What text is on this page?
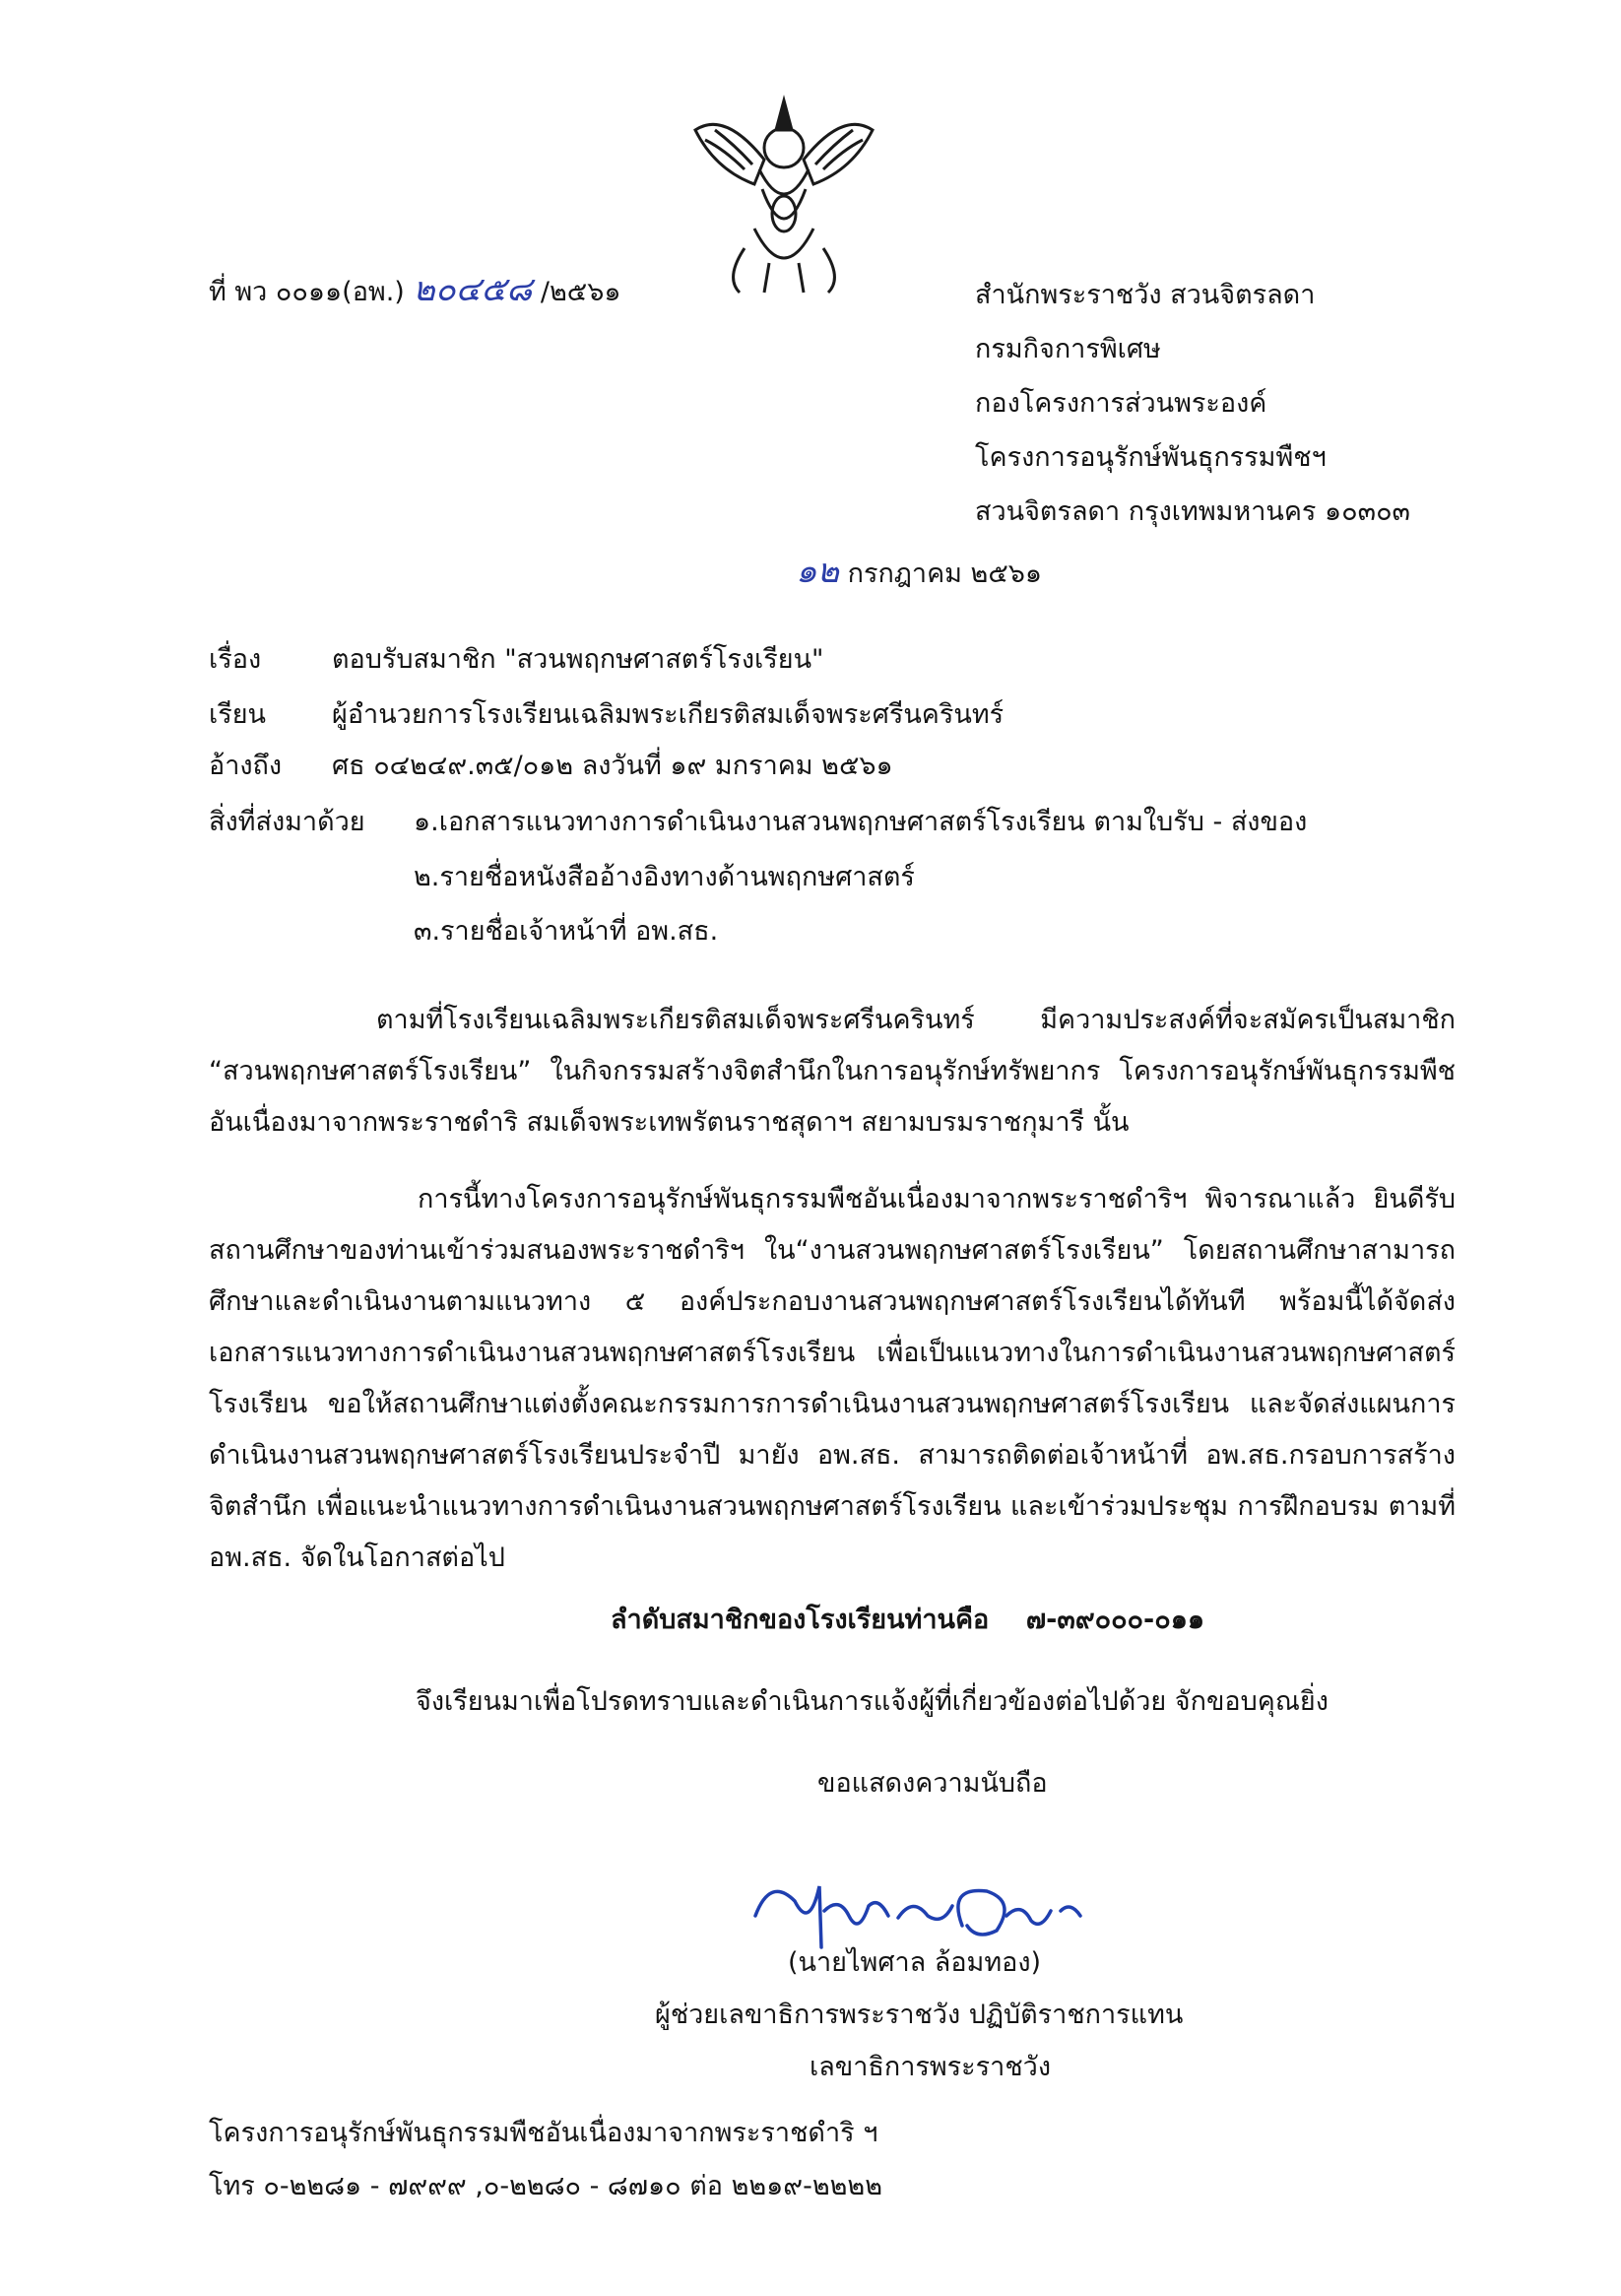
ที่ พว ๐๐๑๑(อพ.) ๒๐๔๕๘ /๒๕๖๑	สำนักพระราชวัง สวนจิตรลดา
กรมกิจการพิเศษ
กองโครงการส่วนพระองค์
โครงการอนุรักษ์พันธุกรรมพืชฯ
สวนจิตรลดา กรุงเทพมหานคร ๑๐๓๐๓
๑๒ กรกฎาคม ๒๕๖๑
เรื่อง	ตอบรับสมาชิก "สวนพฤกษศาสตร์โรงเรียน"
เรียน ผู้อำนวยการโรงเรียนเฉลิมพระเกียรติสมเด็จพระศรีนครินทร์
อ้างถึง ศธ ๐๔๒๔๙.๓๕/๐๑๒ ลงวันที่ ๑๙ มกราคม ๒๕๖๑
สิ่งที่ส่งมาด้วย ๑.เอกสารแนวทางการดำเนินงานสวนพฤกษศาสตร์โรงเรียน ตามใบรับ - ส่งของ
๒.รายชื่อหนังสืออ้างอิงทางด้านพฤกษศาสตร์
๓.รายชื่อเจ้าหน้าที่ อพ.สธ.
ตามที่โรงเรียนเฉลิมพระเกียรติสมเด็จพระศรีนครินทร์ มีความประสงค์ที่จะสมัครเป็นสมาชิก “สวนพฤกษศาสตร์โรงเรียน” ในกิจกรรมสร้างจิตสำนึกในการอนุรักษ์ทรัพยากร โครงการอนุรักษ์พันธุกรรมพืชอันเนื่องมาจากพระราชดำริ สมเด็จพระเทพรัตนราชสุดาฯ สยามบรมราชกุมารี นั้น
การนี้ทางโครงการอนุรักษ์พันธุกรรมพืชอันเนื่องมาจากพระราชดำริฯ พิจารณาแล้ว ยินดีรับสถานศึกษาของท่านเข้าร่วมสนองพระราชดำริฯ ใน“งานสวนพฤกษศาสตร์โรงเรียน” โดยสถานศึกษาสามารถศึกษาและดำเนินงานตามแนวทาง ๕ องค์ประกอบงานสวนพฤกษศาสตร์โรงเรียนได้ทันที พร้อมนี้ได้จัดส่งเอกสารแนวทางการดำเนินงานสวนพฤกษศาสตร์โรงเรียน เพื่อเป็นแนวทางในการดำเนินงานสวนพฤกษศาสตร์โรงเรียน ขอให้สถานศึกษาแต่งตั้งคณะกรรมการการดำเนินงานสวนพฤกษศาสตร์โรงเรียน และจัดส่งแผนการดำเนินงานสวนพฤกษศาสตร์โรงเรียนประจำปี มายัง อพ.สธ. สามารถติดต่อเจ้าหน้าที่ อพ.สธ.กรอบการสร้างจิตสำนึก เพื่อแนะนำแนวทางการดำเนินงานสวนพฤกษศาสตร์โรงเรียน และเข้าร่วมประชุม การฝึกอบรม ตามที่ อพ.สธ. จัดในโอกาสต่อไป
ลำดับสมาชิกของโรงเรียนท่านคือ ๗-๓๙๐๐๐-๐๑๑
จึงเรียนมาเพื่อโปรดทราบและดำเนินการแจ้งผู้ที่เกี่ยวข้องต่อไปด้วย จักขอบคุณยิ่ง
ขอแสดงความนับถือ
(นายไพศาล ล้อมทอง)
ผู้ช่วยเลขาธิการพระราชวัง ปฏิบัติราชการแทน
เลขาธิการพระราชวัง
โครงการอนุรักษ์พันธุกรรมพืชอันเนื่องมาจากพระราชดำริ ฯ
โทร ๐-๒๒๘๑ - ๗๙๙๙ ,๐-๒๒๘๐ - ๘๗๑๐ ต่อ ๒๒๑๙-๒๒๒๒
